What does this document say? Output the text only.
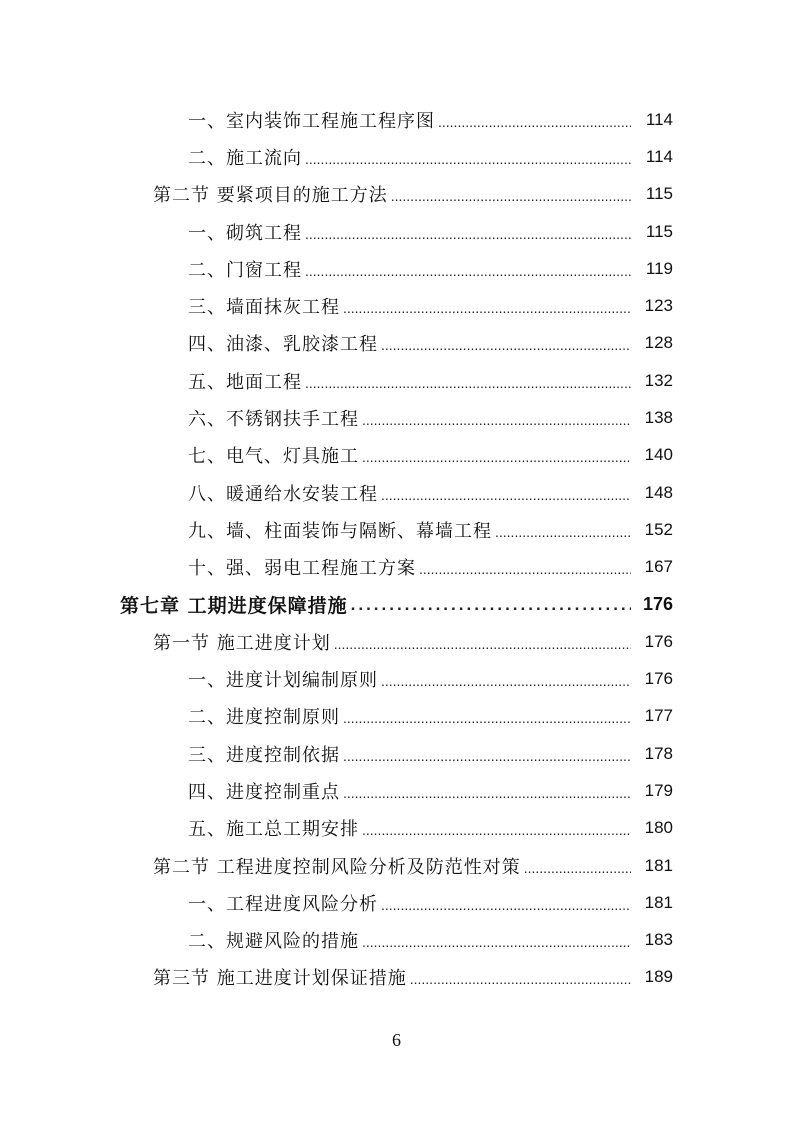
一、室内装饰工程施工程序图 .....	114
二、施工流向 .....	114
第二节 要紧项目的施工方法 .....	115
一、砌筑工程 .....	115
二、门窗工程 .....	119
三、墙面抹灰工程 .....	123
四、油漆、乳胶漆工程 .....	128
五、地面工程 .....	132
六、不锈钢扶手工程 .....	138
七、电气、灯具施工 .....	140
八、暖通给水安装工程 .....	148
九、墙、柱面装饰与隔断、幕墙工程 .....	152
十、强、弱电工程施工方案 .....	167
第七章 工期进度保障措施 .....	176
第一节 施工进度计划 .....	176
一、进度计划编制原则 .....	176
二、进度控制原则 .....	177
三、进度控制依据 .....	178
四、进度控制重点 .....	179
五、施工总工期安排 .....	180
第二节 工程进度控制风险分析及防范性对策 .....	181
一、工程进度风险分析 .....	181
二、规避风险的措施 .....	183
第三节 施工进度计划保证措施 .....	189
6
